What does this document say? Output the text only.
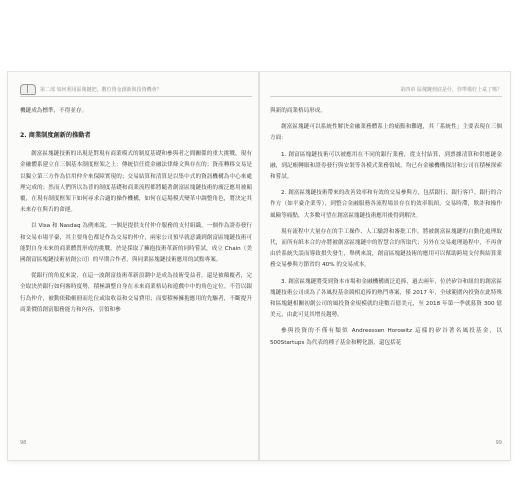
第二部 如何利用區塊鏈把，數位資金創新與投資機會？

機鏈成為標準，不得並存。

2. 商業制度創新的推動者

創富區塊鏈技術的出現是對現有商業模式的制度基礎和參與者之間關係的重大挑戰，現有金融體系建立在三個基本制度框架之上：傳統信任從金融法律條文與存在的；資產轉移交易是以獨立第三方作為信用仲介來保障實現的；交易結算和清算是以集中式的資訊機構為中心來處理完成的；然而人們所以為普的制度基礎和商業流程都將隨著創富區塊鏈技術的廣泛應用被顛覆，在現有制度框架下如何尋求合適的操作機構，如何在這場模式變革中調整角色，將決定其未來存在與否的命運。

以 Visa 和 Nasdaq 為例來說，一個是提供支付仲介服務的支付組織，一個作為證券發行和交易市場平臺，其主要角色都是作為交易的仲介，兩家公司預早就意識到創富區塊鏈技術可能對自身未來的商業體質形成的挑戰，於是採取了擁抱技術革新的同時嘗試，成立 Chain（美國創富區塊鏈技術初創公司）的早期合作者，與同業區塊鏈技術應用的試點專案。

從銀行的角度來說，在這一波創富技術革新浪潮中是成為技術受益者，還是被顛覆者，完全取決於銀行如何審時度勢，積極調整自身在未來商業格局和遊戲中中的角色定位。不管以銀行為仲介，被動依賴帳冊而危位或取收益和交易費用；而要積極擁抱應用的先驅者，不斷提升商業價值創富服務能力和內容，引領和參

98
第四章 區塊鏈到底是什，你準備好上桌了嗎？

與新的商業格局形成。

創富區塊鏈可以系統性解決金融業務體系上的痛點和難題，其「系統性」主要表現在三個方面：

1. 創富區塊鏈技術可以被應用在不同的銀行業務，從支付結算，到票據清算和供應鏈金融，到記帳轉賬和證券發行與安裝等各模式業務領域，均已有金融機構探討和公司在積極探索和嘗試。

2. 創富區塊鏈技術帶來的改善效率和有效的交易參與方，包括銀行、銀行客戶、銀行的合作方（如平臺企業等），到整合金融服務各流程場景存在的效率瓶頸，交易時滯，欺詐和操作風險等痛點，大多數可望在創富區塊鏈技術應用後得到解決。

現有流程中大量存在的手工操作、人工驗證和審批工作，將被創富區塊鏈的自動化處理取代，而所有紙本合約亦將被創富區塊鏈中的智慧合約所取代；另外在交易處理過程中，不再會由於系統失誤而導致損失發生，舉例來說，創富區塊鏈技術的應用可以幫助跨境支付與結算業務交易參與方節省約 40% 的交易成本。

3. 創富區塊鏈將受到資本市場和金融機構廣泛追捧，過去兩年，位於矽谷和紐約的創富區塊鏈技術公司成為了各風投基金競相追捧的熱門專案，僅 2017 年，全球範圍內投資在此特殊和區塊鏈相關初創公司的風投資金規模就約達數百億美元，至 2018 年第一季就募資 300 億美元，由此可見其增長趨勢。

參與投資的不僅有類似 Andreessen Horowitz 這樣的矽谷著名風投基金，以 500Startups 為代表的種子基金和孵化器，還包括花

99
